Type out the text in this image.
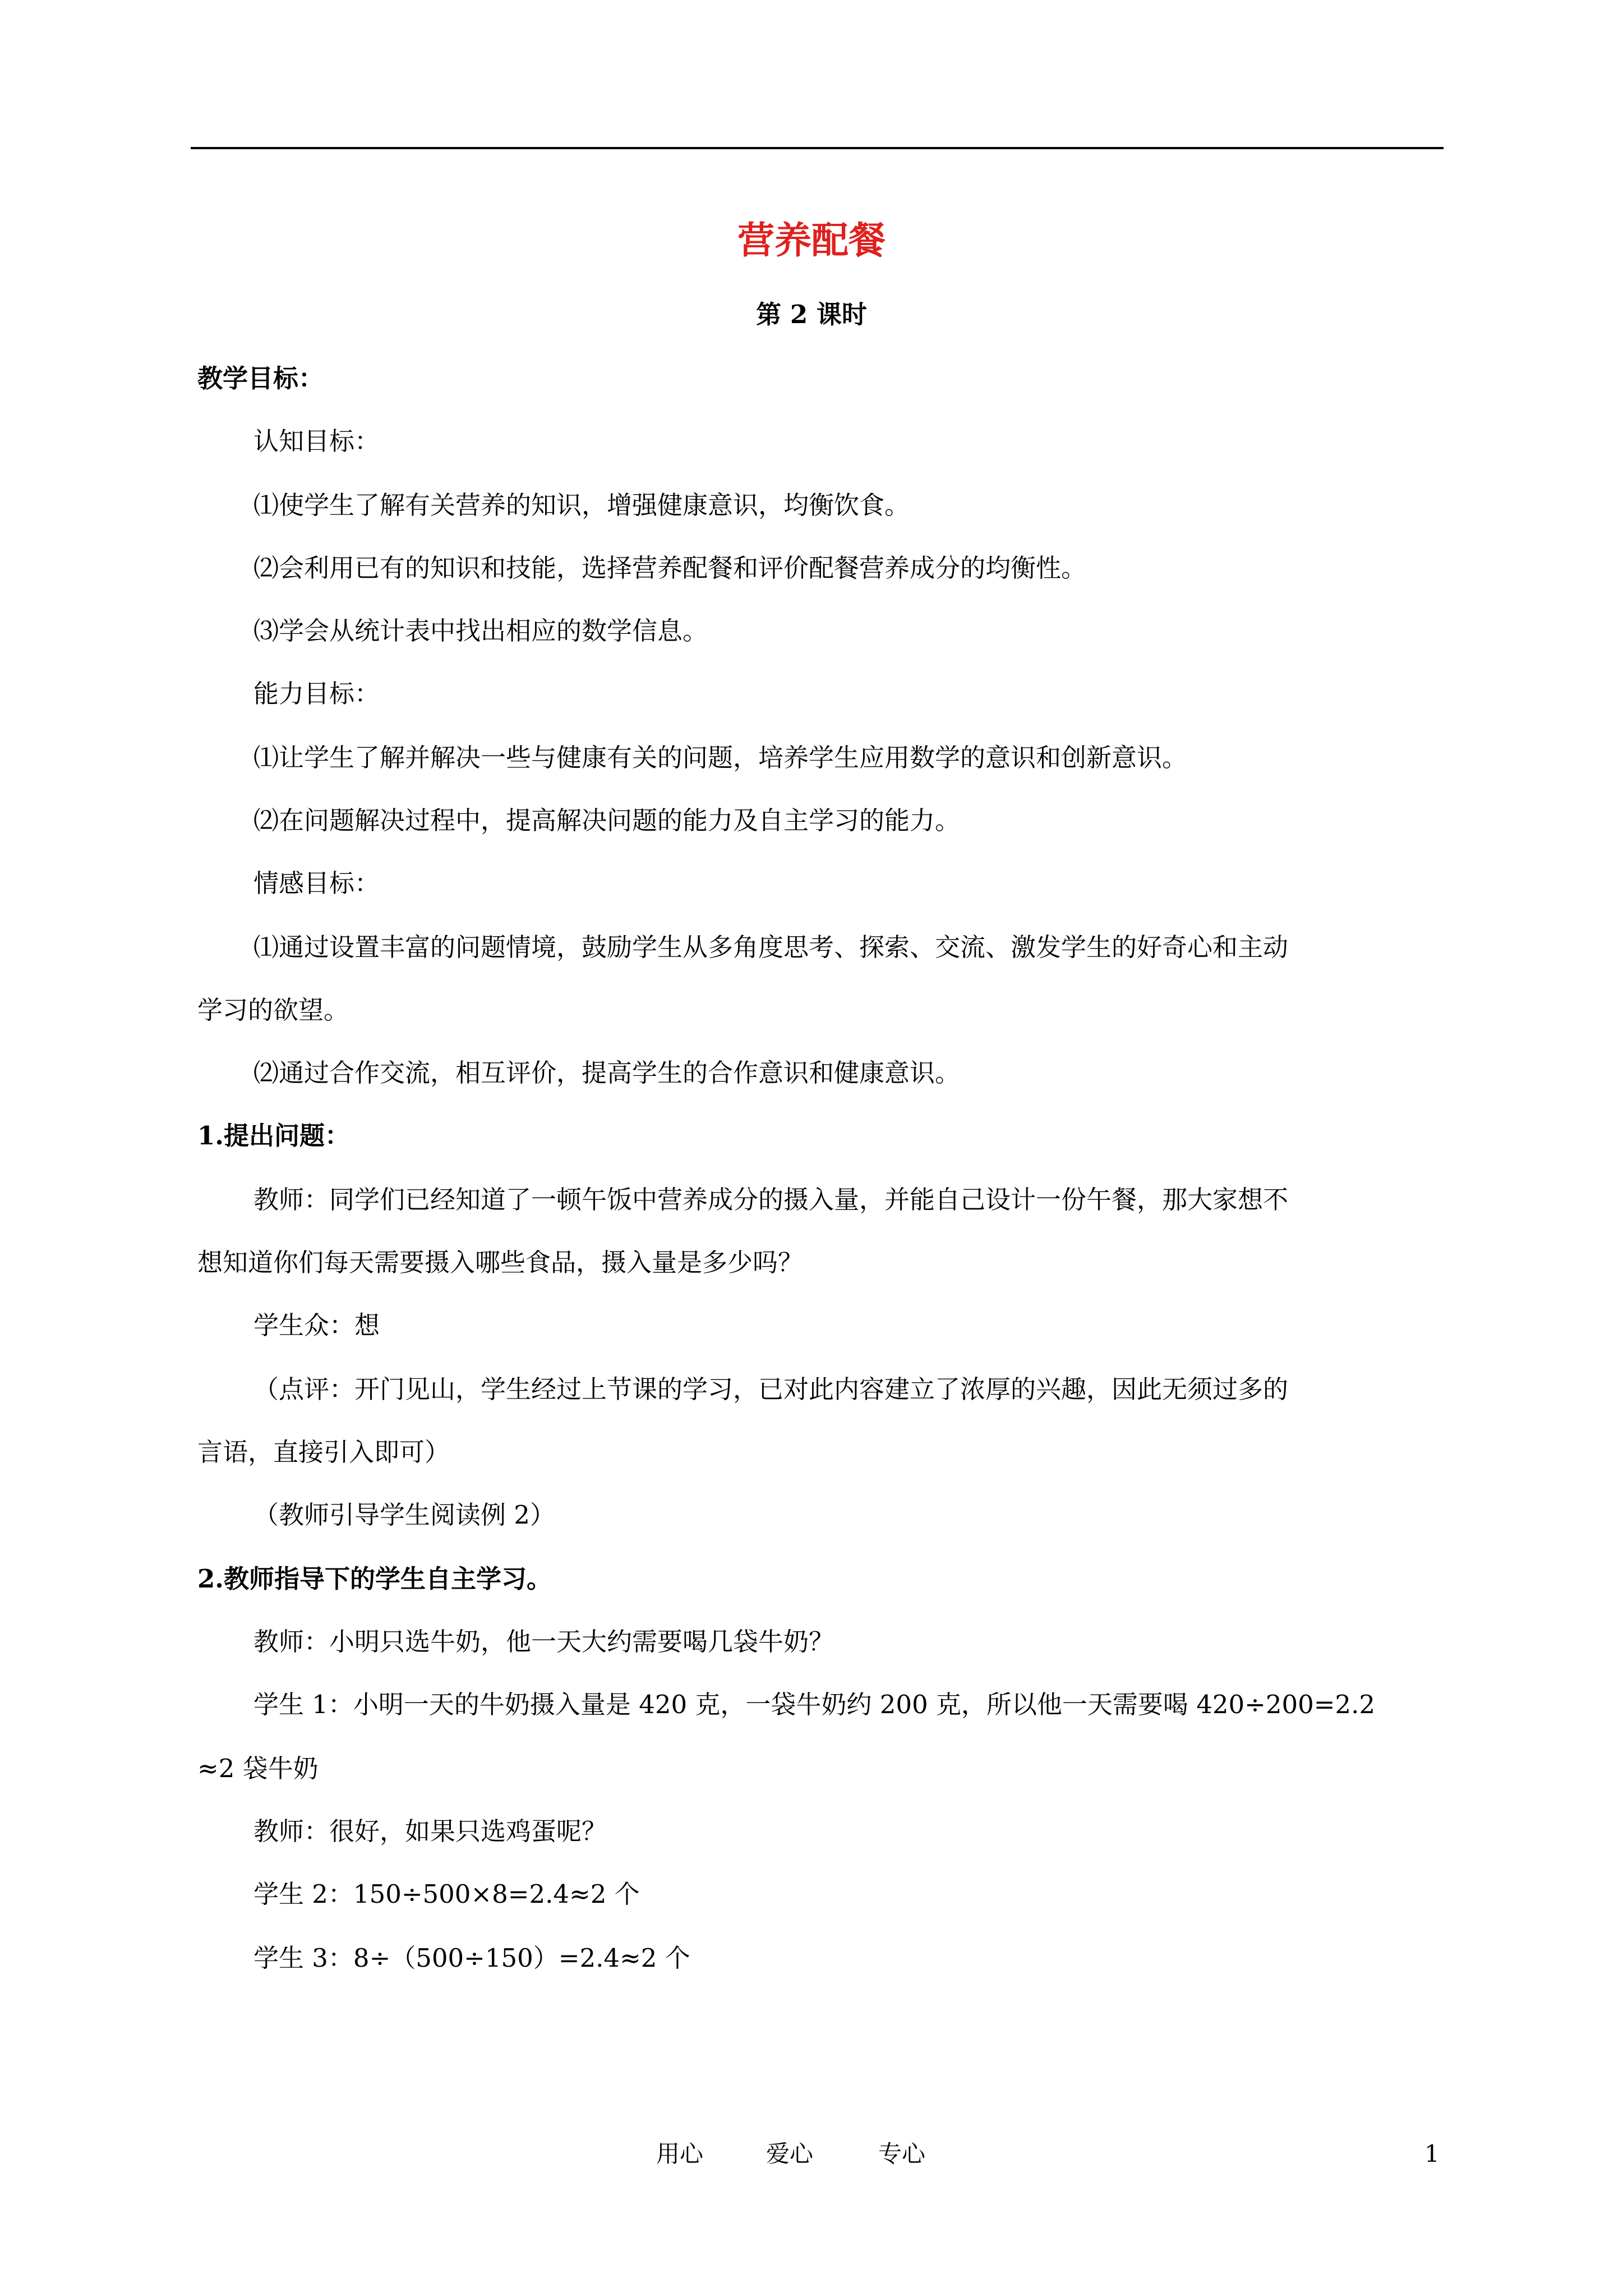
营养配餐
第 2 课时
教学目标：
认知目标：
⑴使学生了解有关营养的知识，增强健康意识，均衡饮食。
⑵会利用已有的知识和技能，选择营养配餐和评价配餐营养成分的均衡性。
⑶学会从统计表中找出相应的数学信息。
能力目标：
⑴让学生了解并解决一些与健康有关的问题，培养学生应用数学的意识和创新意识。
⑵在问题解决过程中，提高解决问题的能力及自主学习的能力。
情感目标：
⑴通过设置丰富的问题情境，鼓励学生从多角度思考、探索、交流、激发学生的好奇心和主动
学习的欲望。
⑵通过合作交流，相互评价，提高学生的合作意识和健康意识。
1.提出问题：
教师：同学们已经知道了一顿午饭中营养成分的摄入量，并能自己设计一份午餐，那大家想不
想知道你们每天需要摄入哪些食品，摄入量是多少吗？
学生众：想
（点评：开门见山，学生经过上节课的学习，已对此内容建立了浓厚的兴趣，因此无须过多的
言语，直接引入即可）
（教师引导学生阅读例 2）
2.教师指导下的学生自主学习。
教师：小明只选牛奶，他一天大约需要喝几袋牛奶？
学生 1：小明一天的牛奶摄入量是 420 克，一袋牛奶约 200 克，所以他一天需要喝 420÷200=2.2
≈2 袋牛奶
教师：很好，如果只选鸡蛋呢？
学生 2：150÷500×8=2.4≈2 个
学生 3：8÷（500÷150）=2.4≈2 个
用心	爱心	专心	1
